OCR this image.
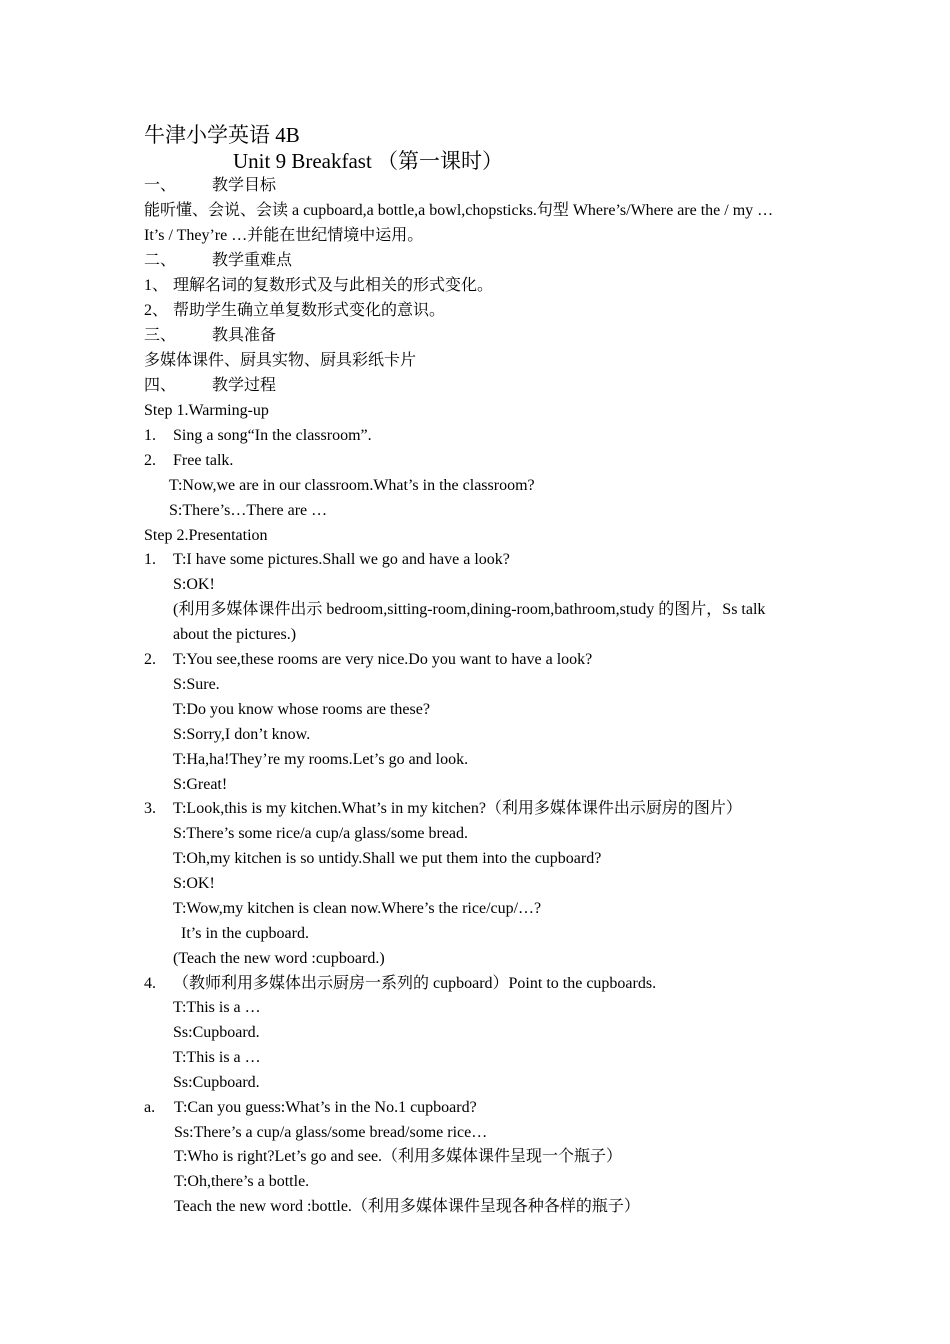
牛津小学英语 4B
Unit 9 Breakfast （第一课时）
一、 教学目标
能听懂、会说、会读 a cupboard,a bottle,a bowl,chopsticks.句型 Where’s/Where are the / my …
It’s / They’re …并能在世纪情境中运用。
二、 教学重难点
1、 理解名词的复数形式及与此相关的形式变化。
2、 帮助学生确立单复数形式变化的意识。
三、 教具准备
多媒体课件、厨具实物、厨具彩纸卡片
四、 教学过程
Step 1.Warming-up
1. Sing a song“In the classroom”.
2. Free talk.
T:Now,we are in our classroom.What’s in the classroom?
S:There’s…There are …
Step 2.Presentation
1. T:I have some pictures.Shall we go and have a look?
S:OK!
(利用多媒体课件出示 bedroom,sitting-room,dining-room,bathroom,study 的图片，Ss talk
about the pictures.)
2. T:You see,these rooms are very nice.Do you want to have a look?
S:Sure.
T:Do you know whose rooms are these?
S:Sorry,I don’t know.
T:Ha,ha!They’re my rooms.Let’s go and look.
S:Great!
3. T:Look,this is my kitchen.What’s in my kitchen?（利用多媒体课件出示厨房的图片）
S:There’s some rice/a cup/a glass/some bread.
T:Oh,my kitchen is so untidy.Shall we put them into the cupboard?
S:OK!
T:Wow,my kitchen is clean now.Where’s the rice/cup/…?
It’s in the cupboard.
(Teach the new word :cupboard.)
4. （教师利用多媒体出示厨房一系列的 cupboard）Point to the cupboards.
T:This is a …
Ss:Cupboard.
T:This is a …
Ss:Cupboard.
a. T:Can you guess:What’s in the No.1 cupboard?
Ss:There’s a cup/a glass/some bread/some rice…
T:Who is right?Let’s go and see.（利用多媒体课件呈现一个瓶子）
T:Oh,there’s a bottle.
Teach the new word :bottle.（利用多媒体课件呈现各种各样的瓶子）
